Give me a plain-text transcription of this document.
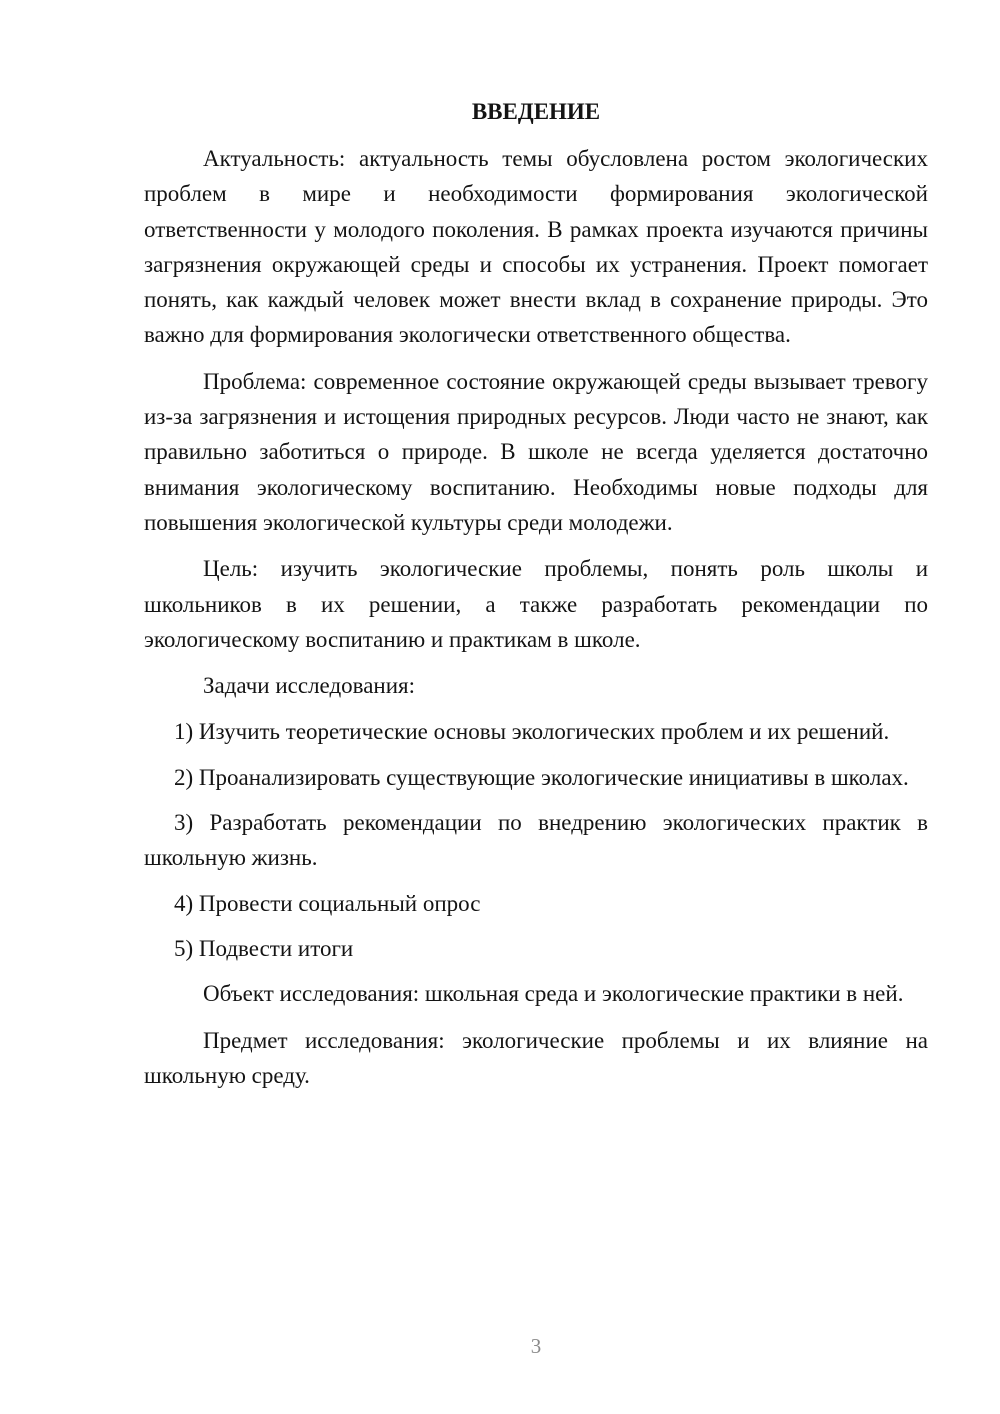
ВВЕДЕНИЕ

Актуальность: актуальность темы обусловлена ростом экологических проблем в мире и необходимости формирования экологической ответственности у молодого поколения. В рамках проекта изучаются причины загрязнения окружающей среды и способы их устранения. Проект помогает понять, как каждый человек может внести вклад в сохранение природы. Это важно для формирования экологически ответственного общества.

Проблема: современное состояние окружающей среды вызывает тревогу из-за загрязнения и истощения природных ресурсов. Люди часто не знают, как правильно заботиться о природе. В школе не всегда уделяется достаточно внимания экологическому воспитанию. Необходимы новые подходы для повышения экологической культуры среди молодежи.

Цель: изучить экологические проблемы, понять роль школы и школьников в их решении, а также разработать рекомендации по экологическому воспитанию и практикам в школе.

Задачи исследования:

1) Изучить теоретические основы экологических проблем и их решений.

2) Проанализировать существующие экологические инициативы в школах.

3) Разработать рекомендации по внедрению экологических практик в школьную жизнь.

4) Провести социальный опрос

5) Подвести итоги

Объект исследования: школьная среда и экологические практики в ней.

Предмет исследования: экологические проблемы и их влияние на школьную среду.

3
